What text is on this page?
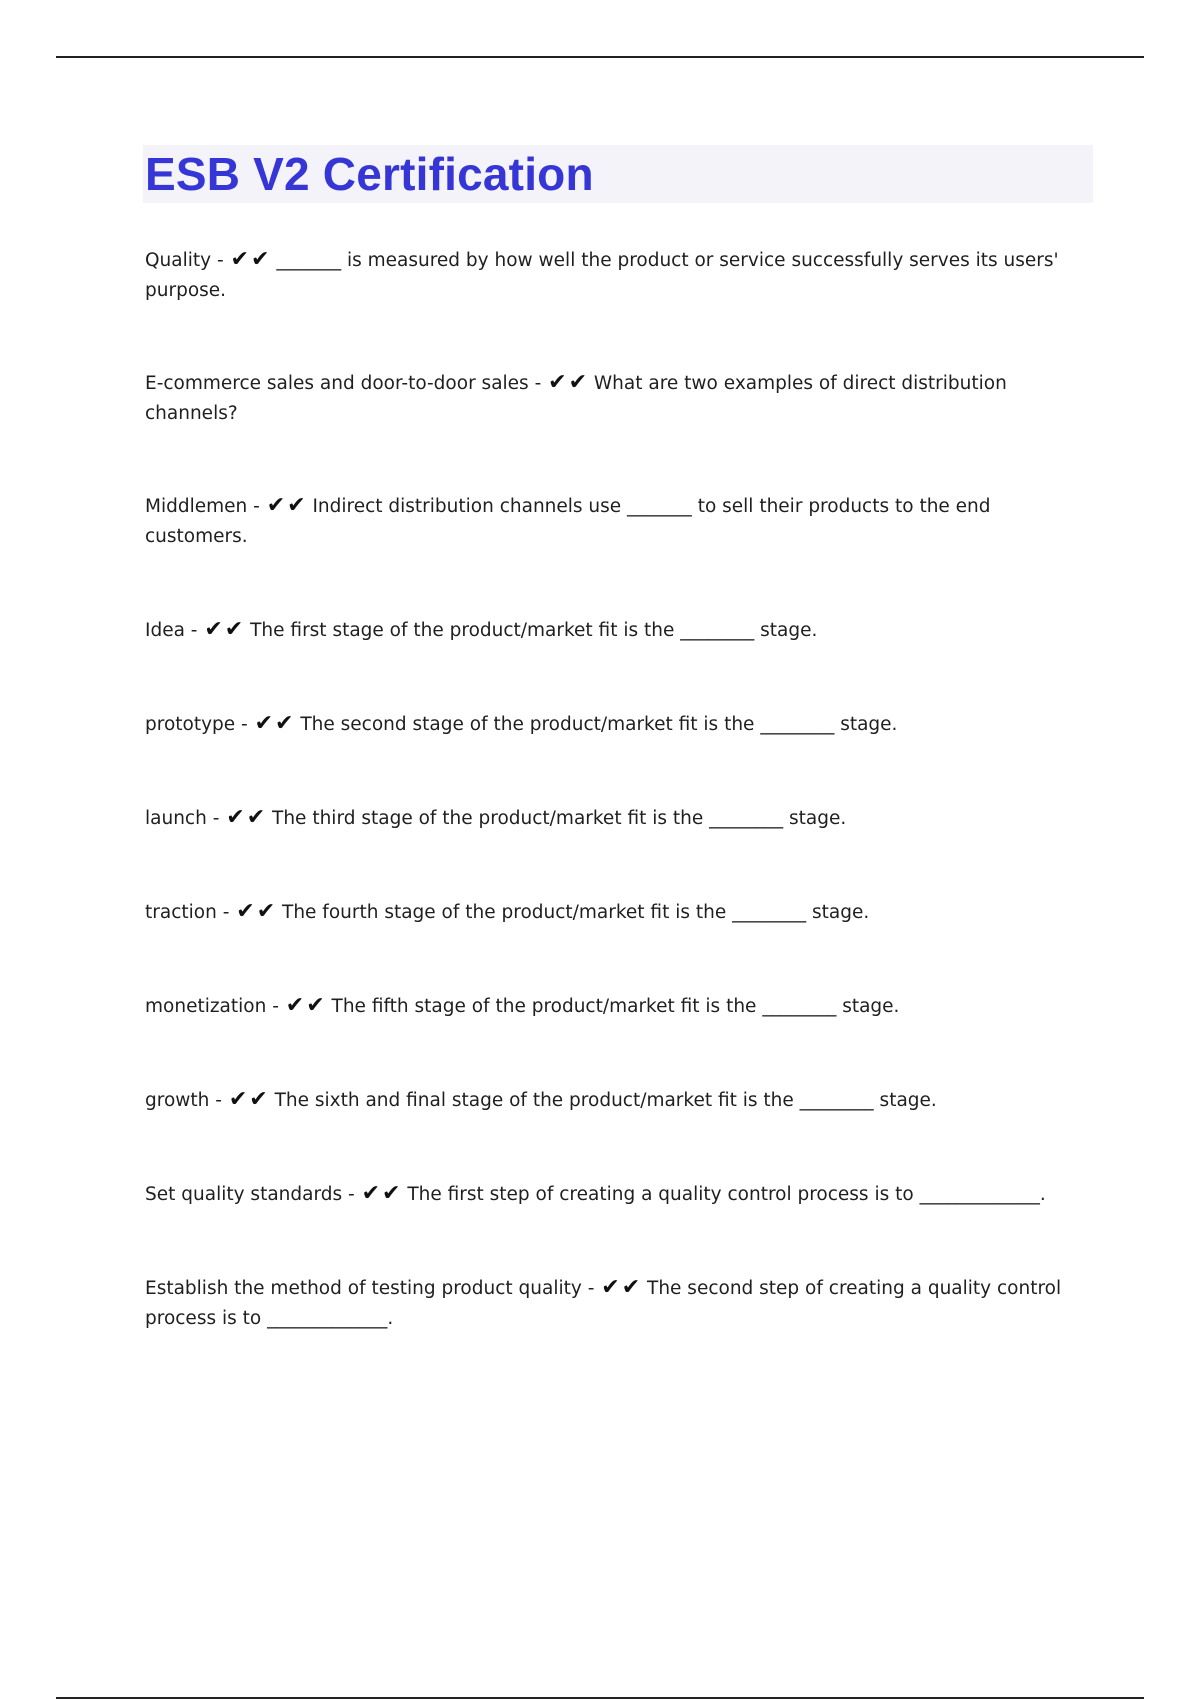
ESB V2 Certification
Quality - ✔✔ _______ is measured by how well the product or service successfully serves its users' purpose.
E-commerce sales and door-to-door sales - ✔✔ What are two examples of direct distribution channels?
Middlemen - ✔✔ Indirect distribution channels use _______ to sell their products to the end customers.
Idea - ✔✔ The first stage of the product/market fit is the ________ stage.
prototype - ✔✔ The second stage of the product/market fit is the ________ stage.
launch - ✔✔ The third stage of the product/market fit is the ________ stage.
traction - ✔✔ The fourth stage of the product/market fit is the ________ stage.
monetization - ✔✔ The fifth stage of the product/market fit is the ________ stage.
growth - ✔✔ The sixth and final stage of the product/market fit is the ________ stage.
Set quality standards - ✔✔ The first step of creating a quality control process is to _____________.
Establish the method of testing product quality - ✔✔ The second step of creating a quality control process is to _____________.
